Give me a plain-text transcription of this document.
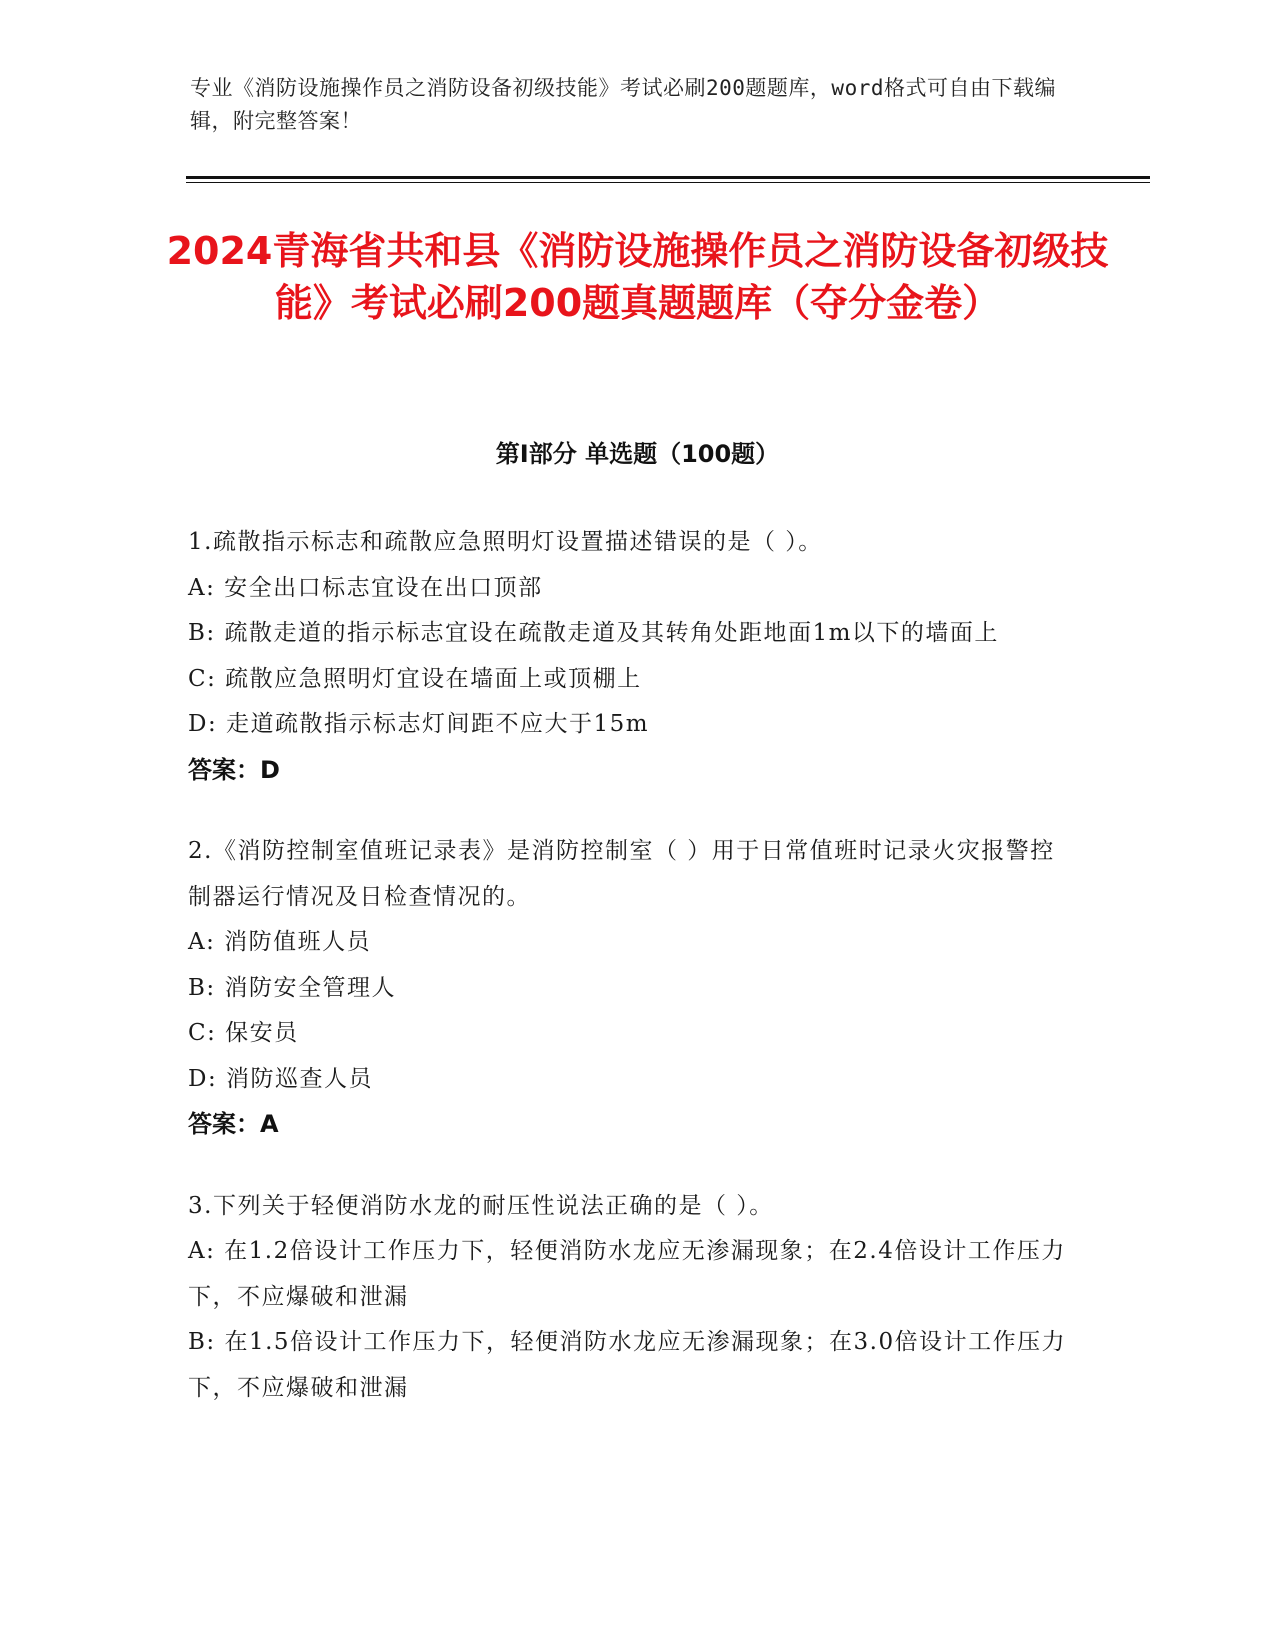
专业《消防设施操作员之消防设备初级技能》考试必刷200题题库，word格式可自由下载编辑，附完整答案！
2024青海省共和县《消防设施操作员之消防设备初级技能》考试必刷200题真题题库（夺分金卷）
第Ⅰ部分 单选题（100题）

1.疏散指示标志和疏散应急照明灯设置描述错误的是（ ）。

A: 安全出口标志宜设在出口顶部

B: 疏散走道的指示标志宜设在疏散走道及其转角处距地面1m以下的墙面上

C: 疏散应急照明灯宜设在墙面上或顶棚上

D: 走道疏散指示标志灯间距不应大于15m

答案：D

2.《消防控制室值班记录表》是消防控制室（ ）用于日常值班时记录火灾报警控制器运行情况及日检查情况的。

A: 消防值班人员

B: 消防安全管理人

C: 保安员

D: 消防巡查人员

答案：A

3.下列关于轻便消防水龙的耐压性说法正确的是（ ）。

A: 在1.2倍设计工作压力下，轻便消防水龙应无渗漏现象；在2.4倍设计工作压力下，不应爆破和泄漏

B: 在1.5倍设计工作压力下，轻便消防水龙应无渗漏现象；在3.0倍设计工作压力下，不应爆破和泄漏
